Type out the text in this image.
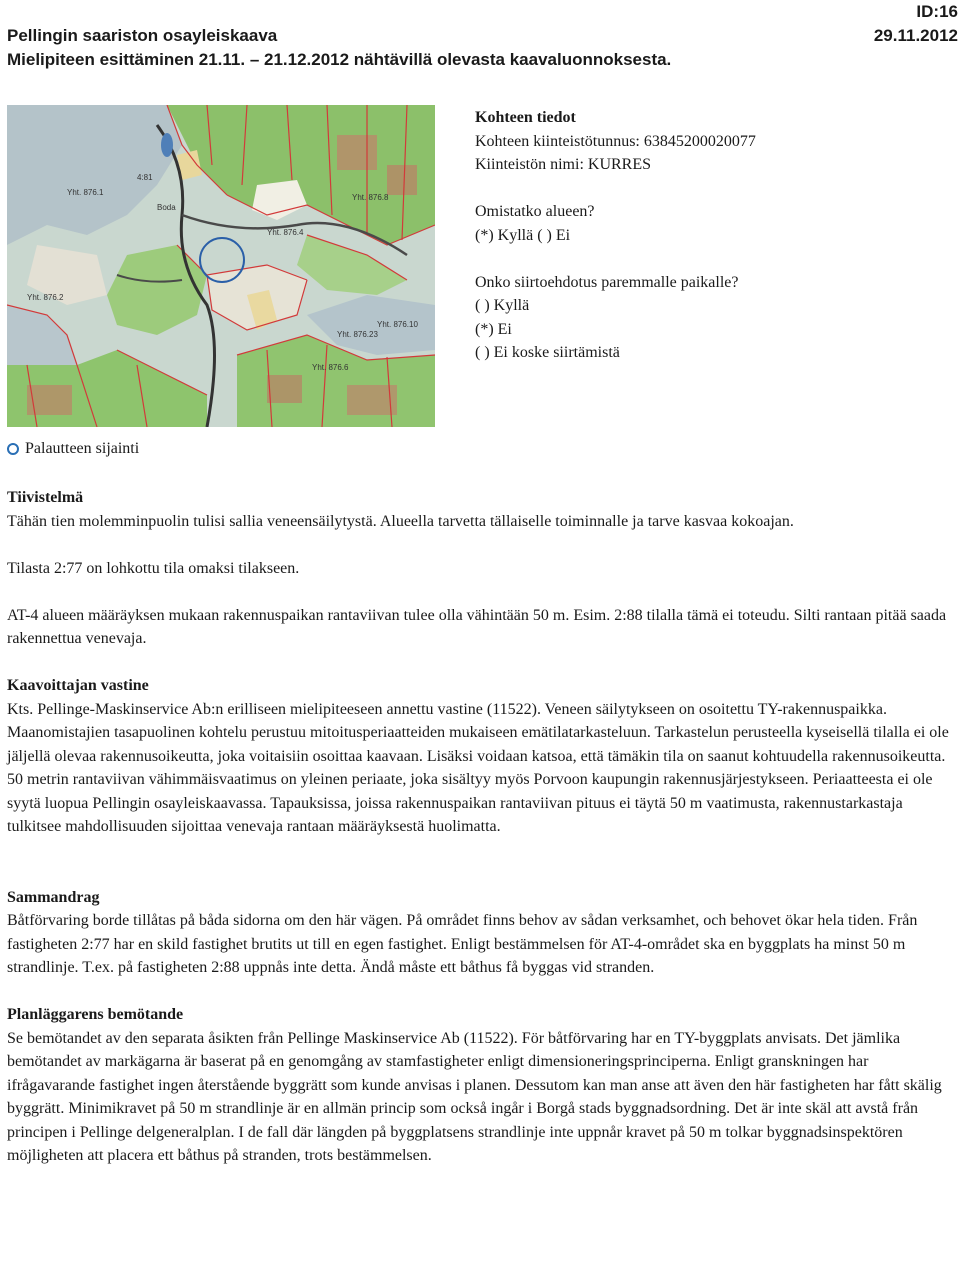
Pellingin saariston osayleiskaava
Mielipiteen esittäminen 21.11. – 21.12.2012 nähtävillä olevasta kaavaluonnoksesta.
ID:16
29.11.2012
Yht. 876.4
Yht. 876.2
Yht. 876.6
Yht. 876.10
Yht. 876.23
Yht. 876.1
Yht. 876.8
Boda
4:81
Kohteen tiedot
Kohteen kiinteistötunnus: 63845200020077
Kiinteistön nimi: KURRES
Omistatko alueen?
(*) Kyllä ( ) Ei
Onko siirtoehdotus paremmalle paikalle?
( ) Kyllä
(*) Ei
( ) Ei koske siirtämistä
Palautteen sijainti

Tiivistelmä

Tähän tien molemminpuolin tulisi sallia veneensäilytystä. Alueella tarvetta tällaiselle toiminnalle ja tarve kasvaa kokoajan.

Tilasta 2:77 on lohkottu tila omaksi tilakseen.

AT-4 alueen määräyksen mukaan rakennuspaikan rantaviivan tulee olla vähintään 50 m. Esim. 2:88 tilalla tämä ei toteudu. Silti rantaan pitää saada rakennettua venevaja.

Kaavoittajan vastine

Kts. Pellinge-Maskinservice Ab:n erilliseen mielipiteeseen annettu vastine (11522). Veneen säilytykseen on osoitettu TY-rakennuspaikka.

Maanomistajien tasapuolinen kohtelu perustuu mitoitusperiaatteiden mukaiseen emätilatarkasteluun. Tarkastelun perusteella kyseisellä tilalla ei ole jäljellä olevaa rakennusoikeutta, joka voitaisiin osoittaa kaavaan. Lisäksi voidaan katsoa, että tämäkin tila on saanut kohtuudella rakennusoikeutta. 50 metrin rantaviivan vähimmäisvaatimus on yleinen periaate, joka sisältyy myös Porvoon kaupungin rakennusjärjestykseen. Periaatteesta ei ole syytä luopua Pellingin osayleiskaavassa. Tapauksissa, joissa rakennuspaikan rantaviivan pituus ei täytä 50 m vaatimusta, rakennustarkastaja tulkitsee mahdollisuuden sijoittaa venevaja rantaan määräyksestä huolimatta.

Sammandrag

Båtförvaring borde tillåtas på båda sidorna om den här vägen. På området finns behov av sådan verksamhet, och behovet ökar hela tiden. Från fastigheten 2:77 har en skild fastighet brutits ut till en egen fastighet. Enligt bestämmelsen för AT-4-området ska en byggplats ha minst 50 m strandlinje. T.ex. på fastigheten 2:88 uppnås inte detta. Ändå måste ett båthus få byggas vid stranden.

Planläggarens bemötande

Se bemötandet av den separata åsikten från Pellinge Maskinservice Ab (11522). För båtförvaring har en TY-byggplats anvisats. Det jämlika bemötandet av markägarna är baserat på en genomgång av stamfastigheter enligt dimensioneringsprinciperna. Enligt granskningen har ifrågavarande fastighet ingen återstående byggrätt som kunde anvisas i planen. Dessutom kan man anse att även den här fastigheten har fått skälig byggrätt. Minimikravet på 50 m strandlinje är en allmän princip som också ingår i Borgå stads byggnadsordning. Det är inte skäl att avstå från principen i Pellinge delgeneralplan. I de fall där längden på byggplatsens strandlinje inte uppnår kravet på 50 m tolkar byggnadsinspektören möjligheten att placera ett båthus på stranden, trots bestämmelsen.
